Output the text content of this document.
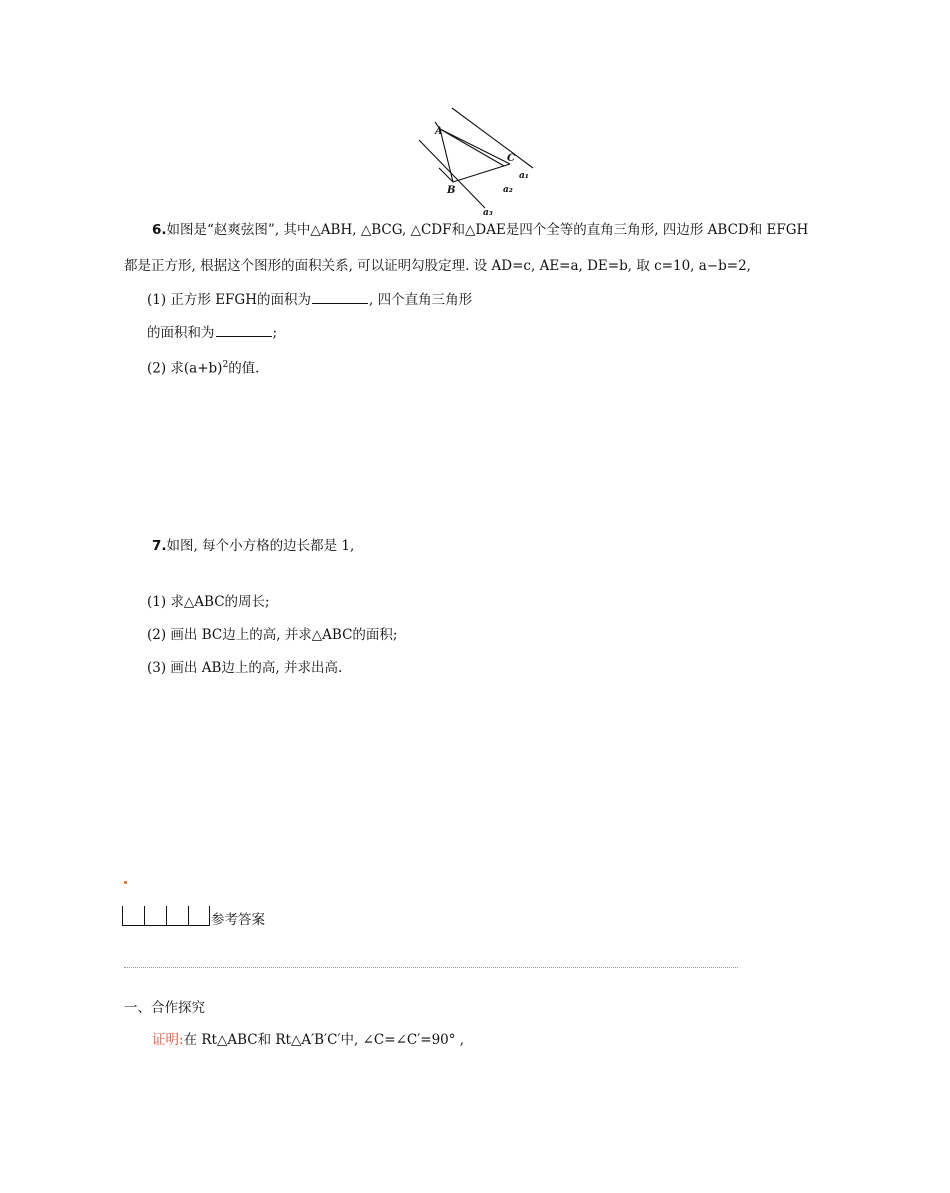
A
B
C
a₁
a₂
a₃
6.如图是“赵爽弦图”, 其中△ABH, △BCG, △CDF和△DAE是四个全等的直角三角形, 四边形 ABCD和 EFGH
都是正方形, 根据这个图形的面积关系, 可以证明勾股定理. 设 AD=c, AE=a, DE=b, 取 c=10, a−b=2,
(1) 正方形 EFGH的面积为	, 四个直角三角形
的面积和为	;
(2) 求$(a+b)^2$的值.
7.如图, 每个小方格的边长都是 1,
(1) 求△ABC的周长;
(2) 画出 BC边上的高, 并求△ABC的面积;
(3) 画出 AB边上的高, 并求出高.
参考答案
一、合作探究
证明:在 Rt△ABC和 Rt△A′B′C′中, ∠C=∠C′=90° ,
